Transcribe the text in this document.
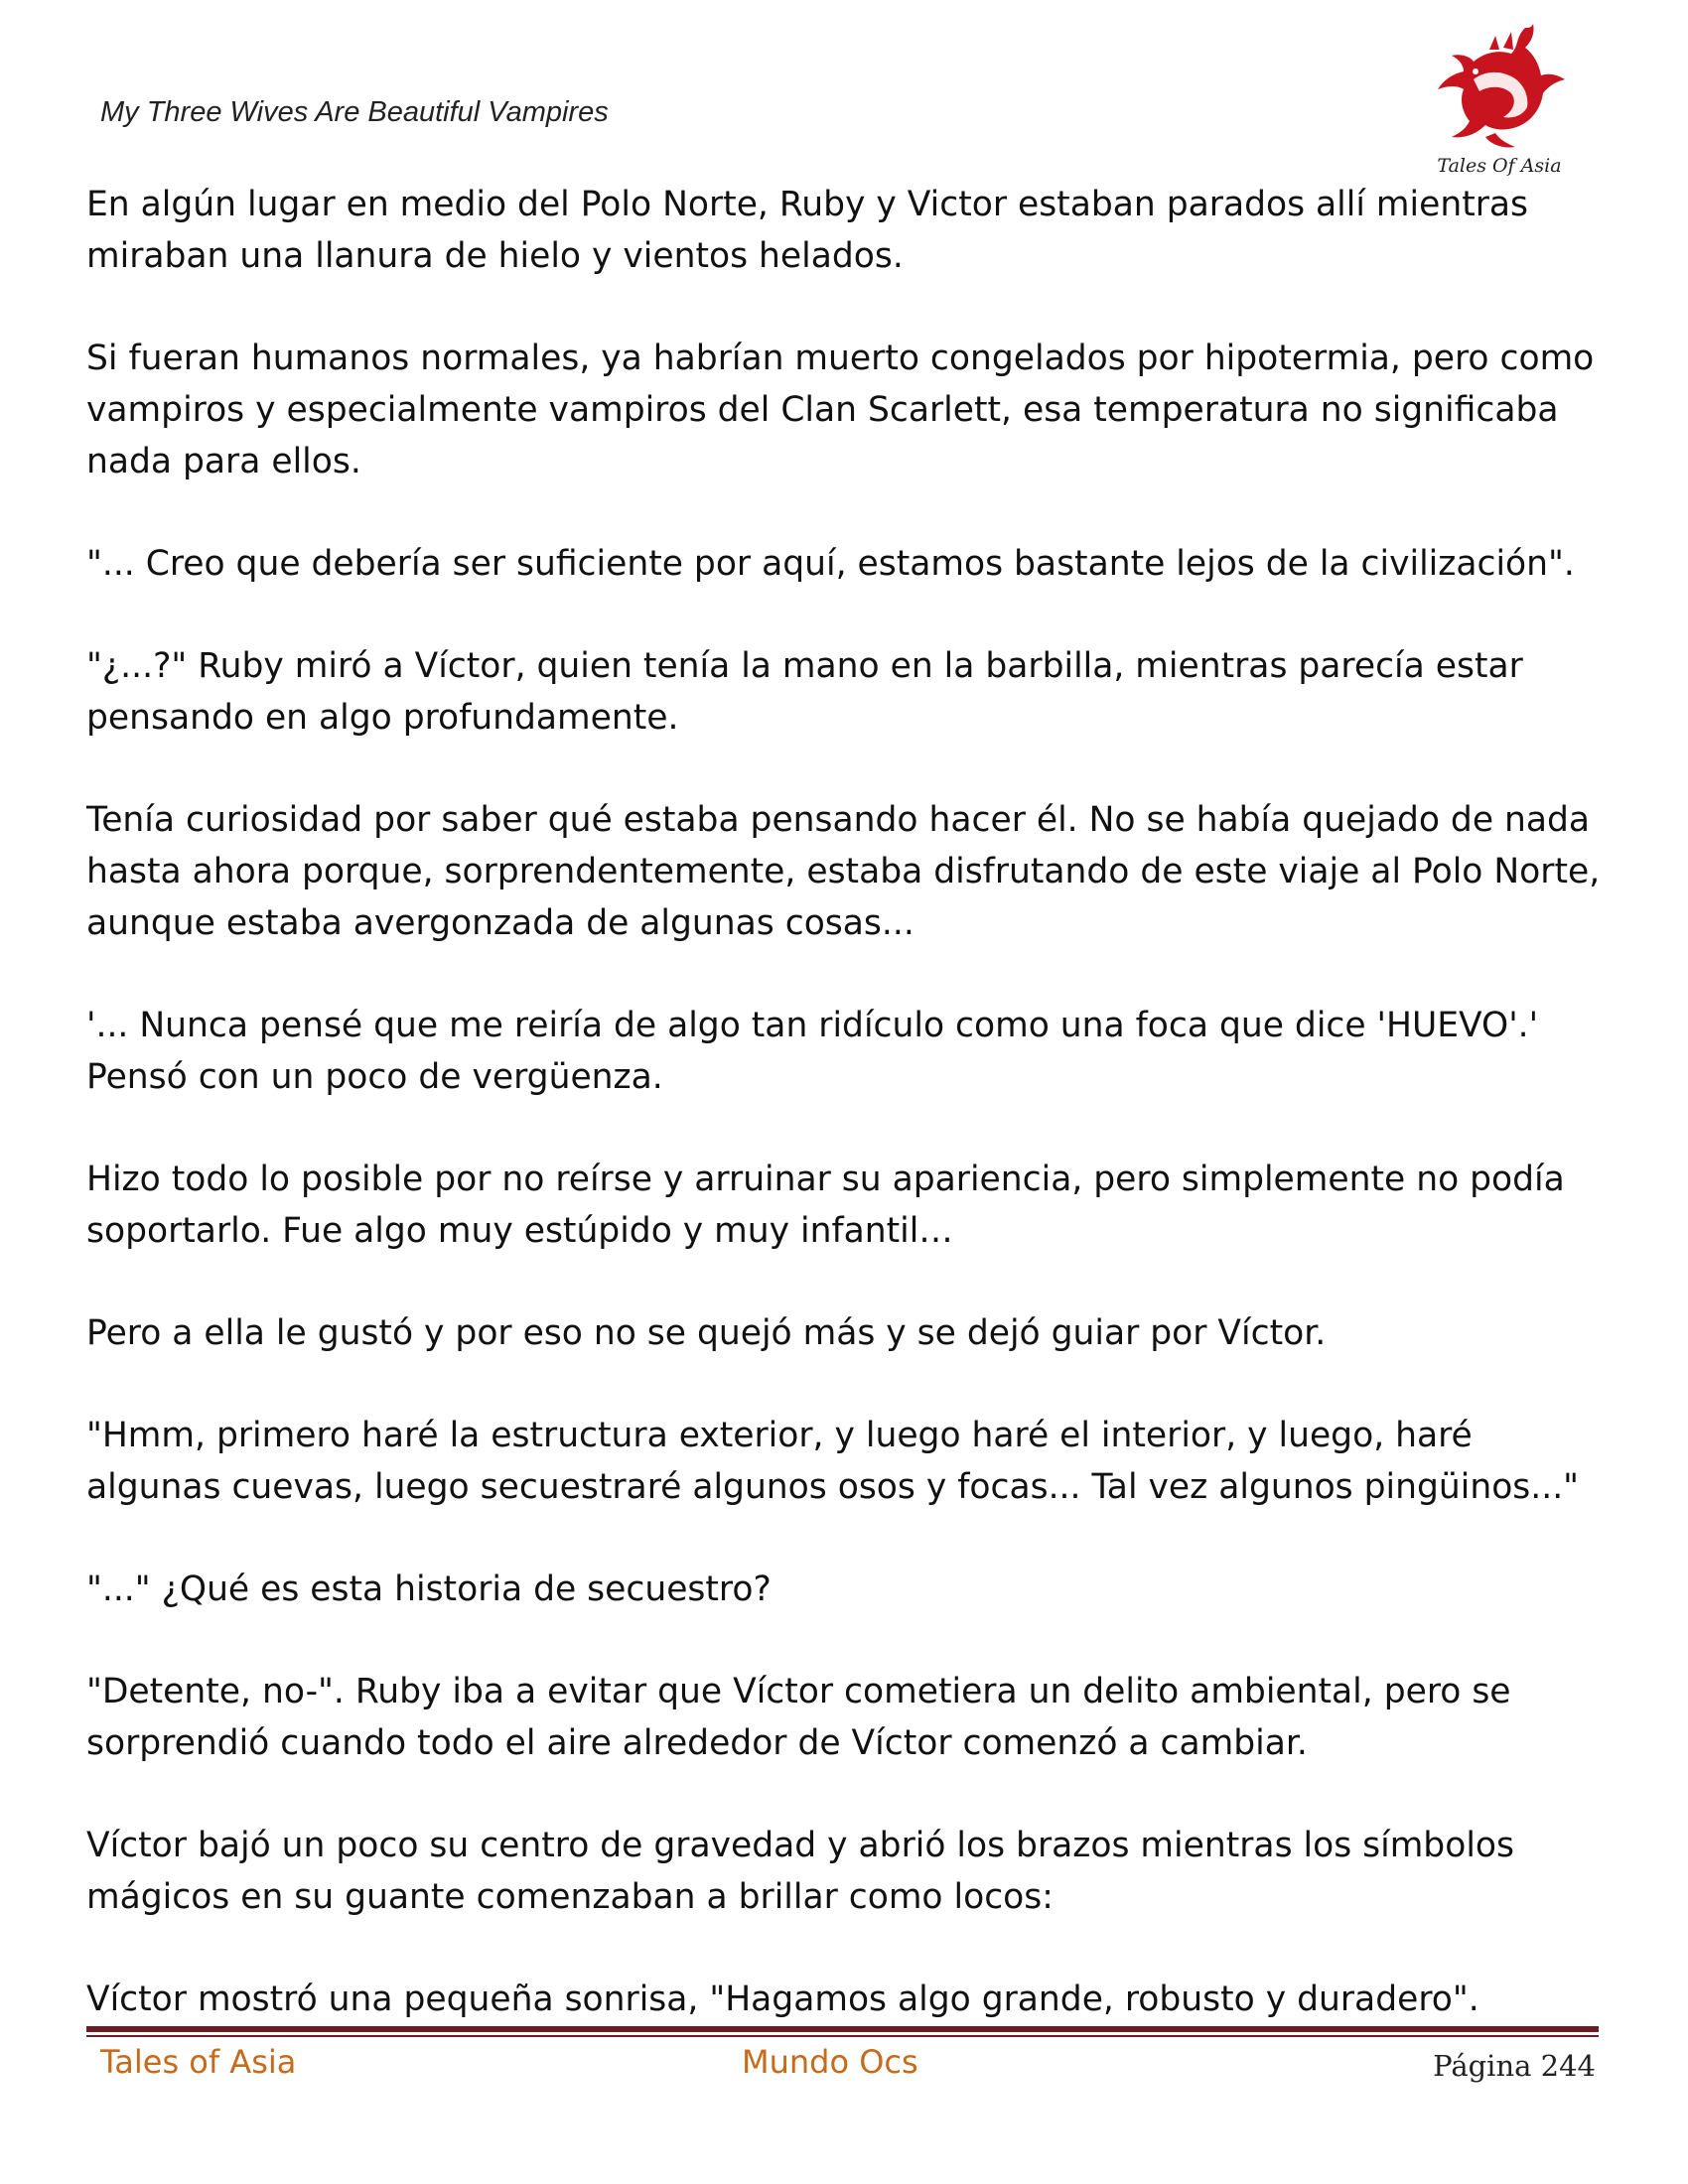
My Three Wives Are Beautiful Vampires
Tales Of Asia

En algún lugar en medio del Polo Norte, Ruby y Victor estaban parados allí mientras miraban una llanura de hielo y vientos helados.

Si fueran humanos normales, ya habrían muerto congelados por hipotermia, pero como vampiros y especialmente vampiros del Clan Scarlett, esa temperatura no significaba nada para ellos.

"... Creo que debería ser suficiente por aquí, estamos bastante lejos de la civilización".

"¿...?" Ruby miró a Víctor, quien tenía la mano en la barbilla, mientras parecía estar pensando en algo profundamente.

Tenía curiosidad por saber qué estaba pensando hacer él. No se había quejado de nada hasta ahora porque, sorprendentemente, estaba disfrutando de este viaje al Polo Norte, aunque estaba avergonzada de algunas cosas...

'... Nunca pensé que me reiría de algo tan ridículo como una foca que dice 'HUEVO'.' Pensó con un poco de vergüenza.

Hizo todo lo posible por no reírse y arruinar su apariencia, pero simplemente no podía soportarlo. Fue algo muy estúpido y muy infantil…

Pero a ella le gustó y por eso no se quejó más y se dejó guiar por Víctor.

"Hmm, primero haré la estructura exterior, y luego haré el interior, y luego, haré algunas cuevas, luego secuestraré algunos osos y focas... Tal vez algunos pingüinos..."

"..." ¿Qué es esta historia de secuestro?

"Detente, no-". Ruby iba a evitar que Víctor cometiera un delito ambiental, pero se sorprendió cuando todo el aire alrededor de Víctor comenzó a cambiar.

Víctor bajó un poco su centro de gravedad y abrió los brazos mientras los símbolos mágicos en su guante comenzaban a brillar como locos:

Víctor mostró una pequeña sonrisa, "Hagamos algo grande, robusto y duradero".

Tales of Asia	Mundo Ocs	Página 244
